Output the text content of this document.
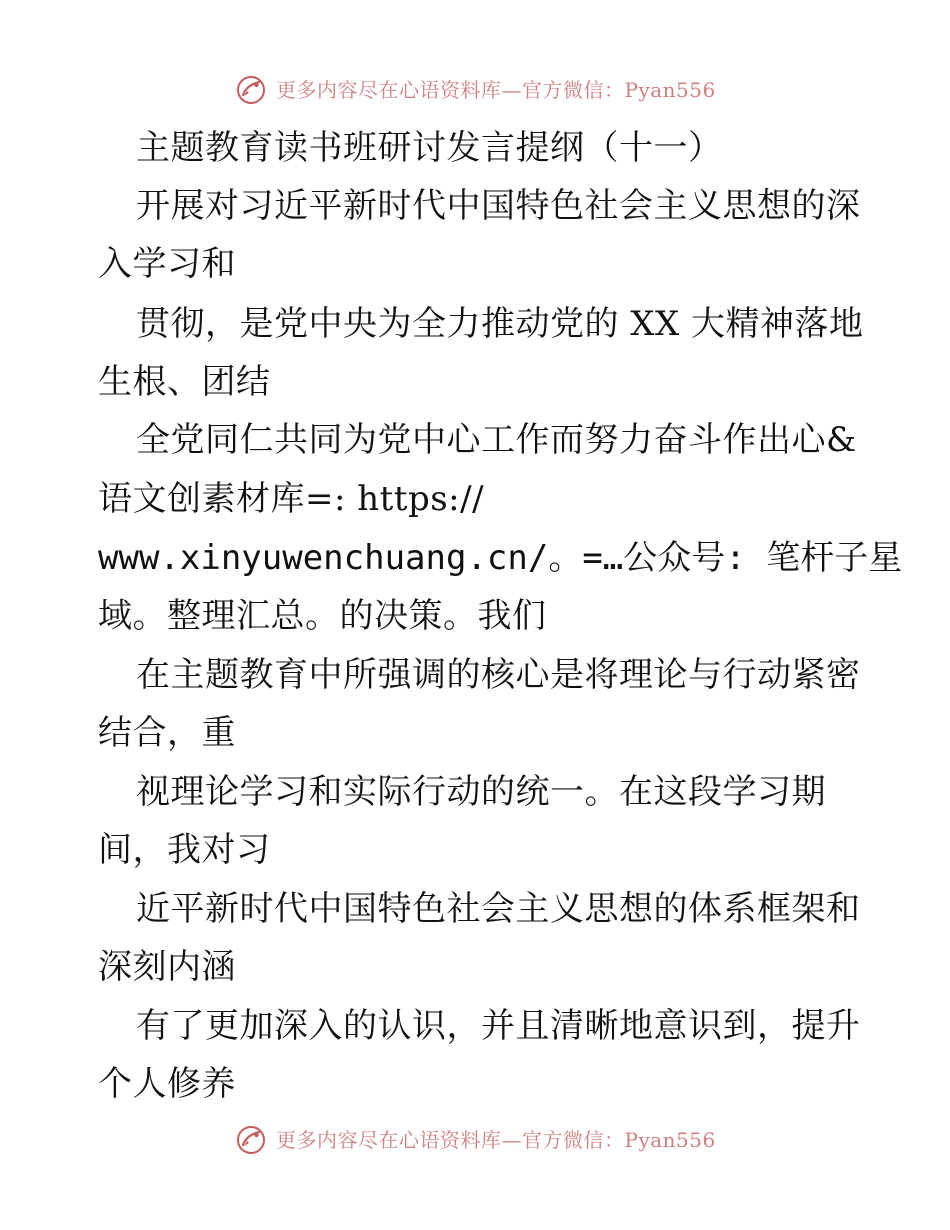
更多内容尽在心语资料库—官方微信：Pyan556
主题教育读书班研讨发言提纲（十一）
开展对习近平新时代中国特色社会主义思想的深
入学习和
贯彻，是党中央为全力推动党的 XX 大精神落地
生根、团结
全党同仁共同为党中心工作而努力奋斗作出心&
语文创素材库=: https://
www.xinyuwenchuang.cn/。=…公众号: 笔杆子星
域。整理汇总。的决策。我们
在主题教育中所强调的核心是将理论与行动紧密
结合，重
视理论学习和实际行动的统一。在这段学习期
间，我对习
近平新时代中国特色社会主义思想的体系框架和
深刻内涵
有了更加深入的认识，并且清晰地意识到，提升
个人修养
更多内容尽在心语资料库—官方微信：Pyan556
